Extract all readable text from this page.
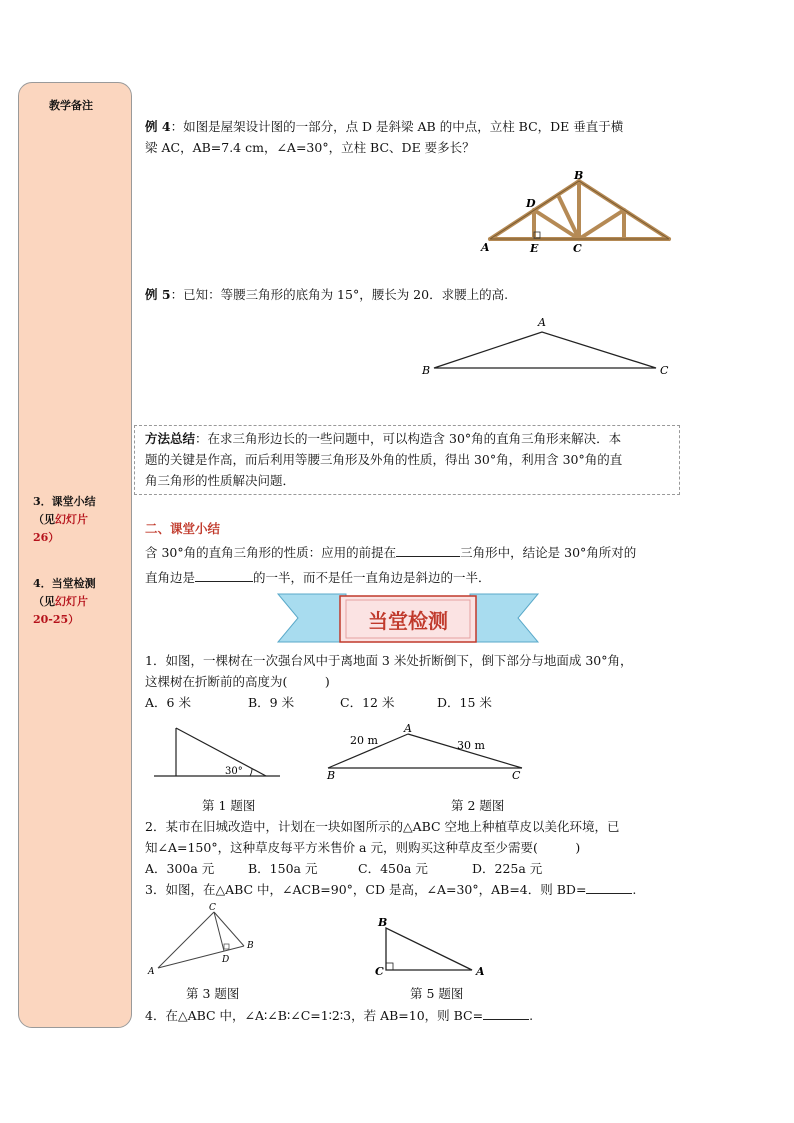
教学备注
3．课堂小结
（见幻灯片
26）
4．当堂检测
（见幻灯片
20-25）
例 4：如图是屋架设计图的一部分，点 D 是斜梁 AB 的中点，立柱 BC，DE 垂直于横
梁 AC，AB=7.4 cm，∠A=30°，立柱 BC、DE 要多长？
A
B
C
D
E
例 5：已知：等腰三角形的底角为 15°，腰长为 20．求腰上的高.
A
B	C
方法总结：在求三角形边长的一些问题中，可以构造含 30°角的直角三角形来解决．本
题的关键是作高，而后利用等腰三角形及外角的性质，得出 30°角，利用含 30°角的直
角三角形的性质解决问题．
二、课堂小结
含 30°角的直角三角形的性质：应用的前提在	三角形中，结论是 30°角所对的
直角边是	的一半，而不是任一直角边是斜边的一半．
当堂检测
1．如图，一棵树在一次强台风中于离地面 3 米处折断倒下，倒下部分与地面成 30°角，
这棵树在折断前的高度为(　　　)
A．6 米	B．9 米	C．12 米	D．15 米
30°
第 1 题图
A
B	C
20 m	30 m
第 2 题图
2．某市在旧城改造中，计划在一块如图所示的△ABC 空地上种植草皮以美化环境，已
知∠A=150°，这种草皮每平方米售价 a 元，则购买这种草皮至少需要(　　　)
A．300a 元	B．150a 元	C．450a 元	D．225a 元
3．如图，在△ABC 中，∠ACB=90°，CD 是高，∠A=30°，AB=4．则 BD=	.
C
A
B
D
第 3 题图
B
C	A
第 5 题图
4．在△ABC 中，∠A∶∠B∶∠C=1∶2∶3，若 AB=10，则 BC=	.
